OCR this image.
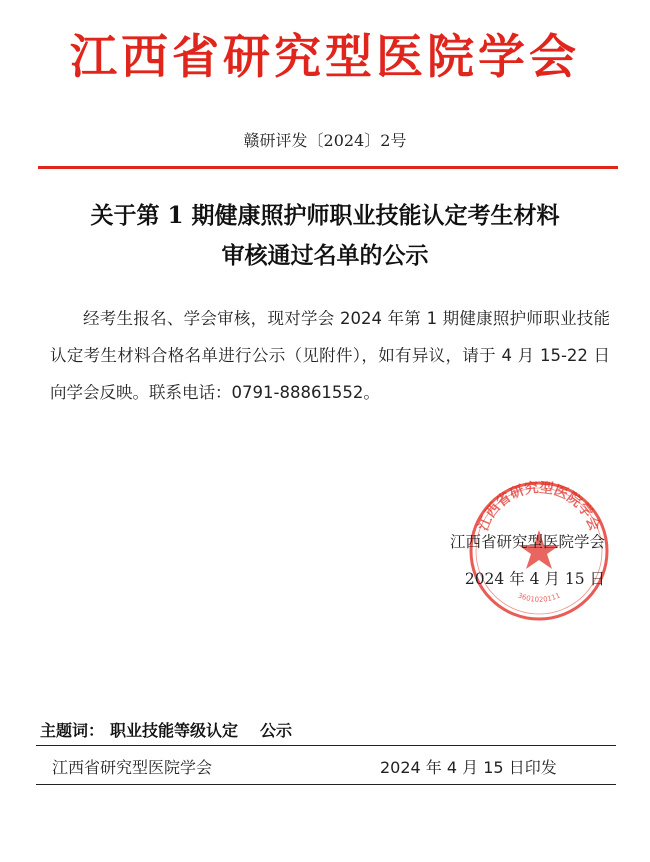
江西省研究型医院学会
赣研评发〔2024〕2号
关于第 1 期健康照护师职业技能认定考生材料
审核通过名单的公示
经考生报名、学会审核，现对学会 2024 年第 1 期健康照护师职业技能认定考生材料合格名单进行公示（见附件），如有异议，请于 4 月 15-22 日向学会反映。联系电话：0791-88861552。
江西省研究型医院学会
3601020111
江西省研究型医院学会
2024 年 4 月 15 日
主题词： 职业技能等级认定 公示
江西省研究型医院学会	2024 年 4 月 15 日印发
